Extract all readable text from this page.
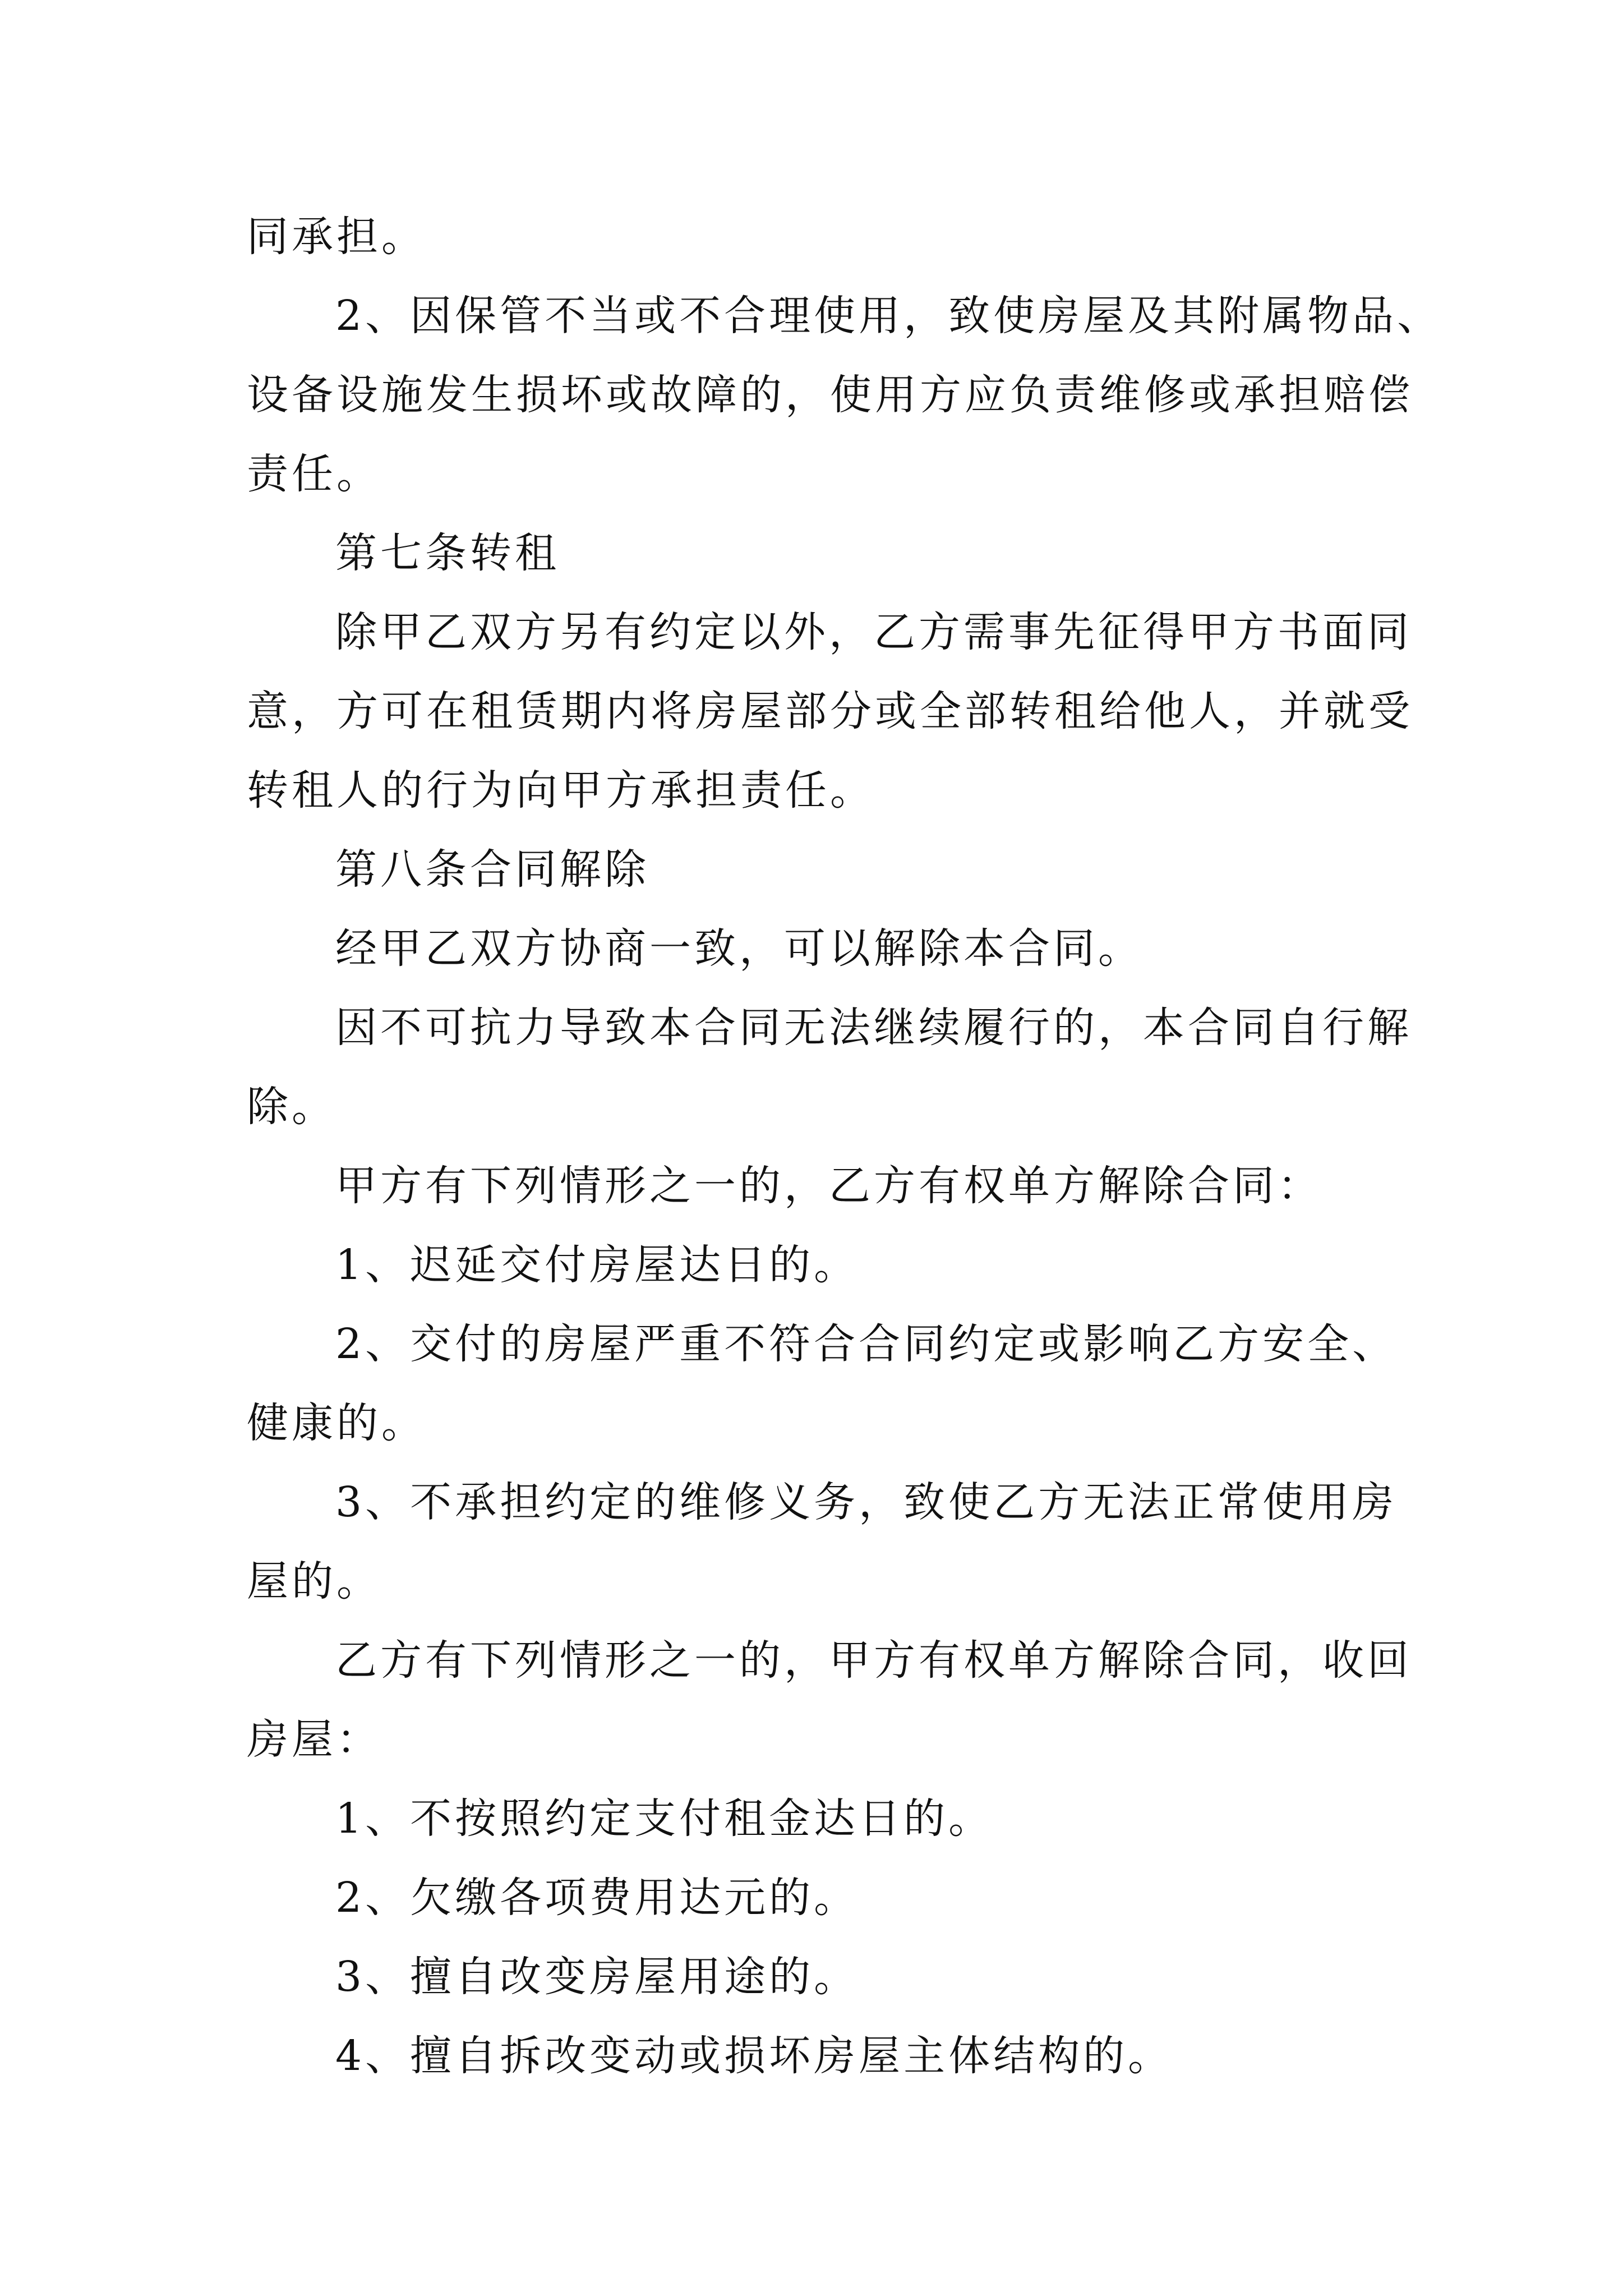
同承担。

2、因保管不当或不合理使用，致使房屋及其附属物品、

设备设施发生损坏或故障的，使用方应负责维修或承担赔偿

责任。

第七条转租

除甲乙双方另有约定以外，乙方需事先征得甲方书面同

意，方可在租赁期内将房屋部分或全部转租给他人，并就受

转租人的行为向甲方承担责任。

第八条合同解除

经甲乙双方协商一致，可以解除本合同。

因不可抗力导致本合同无法继续履行的，本合同自行解

除。

甲方有下列情形之一的，乙方有权单方解除合同：

1、迟延交付房屋达日的。

2、交付的房屋严重不符合合同约定或影响乙方安全、

健康的。

3、不承担约定的维修义务，致使乙方无法正常使用房

屋的。

乙方有下列情形之一的，甲方有权单方解除合同，收回

房屋：

1、不按照约定支付租金达日的。

2、欠缴各项费用达元的。

3、擅自改变房屋用途的。

4、擅自拆改变动或损坏房屋主体结构的。
